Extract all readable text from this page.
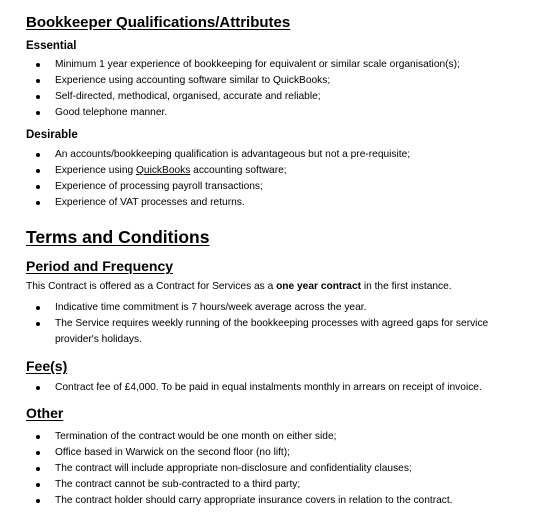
Bookkeeper Qualifications/Attributes
Essential
Minimum 1 year experience of bookkeeping for equivalent or similar scale organisation(s);
Experience using accounting software similar to QuickBooks;
Self-directed, methodical, organised, accurate and reliable;
Good telephone manner.
Desirable
An accounts/bookkeeping qualification is advantageous but not a pre-requisite;
Experience using QuickBooks accounting software;
Experience of processing payroll transactions;
Experience of VAT processes and returns.
Terms and Conditions
Period and Frequency

This Contract is offered as a Contract for Services as a one year contract in the first instance.

Indicative time commitment is 7 hours/week average across the year.
The Service requires weekly running of the bookkeeping processes with agreed gaps for service provider's holidays.
Fee(s)
Contract fee of £4,000. To be paid in equal instalments monthly in arrears on receipt of invoice.
Other
Termination of the contract would be one month on either side;
Office based in Warwick on the second floor (no lift);
The contract will include appropriate non-disclosure and confidentiality clauses;
The contract cannot be sub-contracted to a third party;
The contract holder should carry appropriate insurance covers in relation to the contract.
